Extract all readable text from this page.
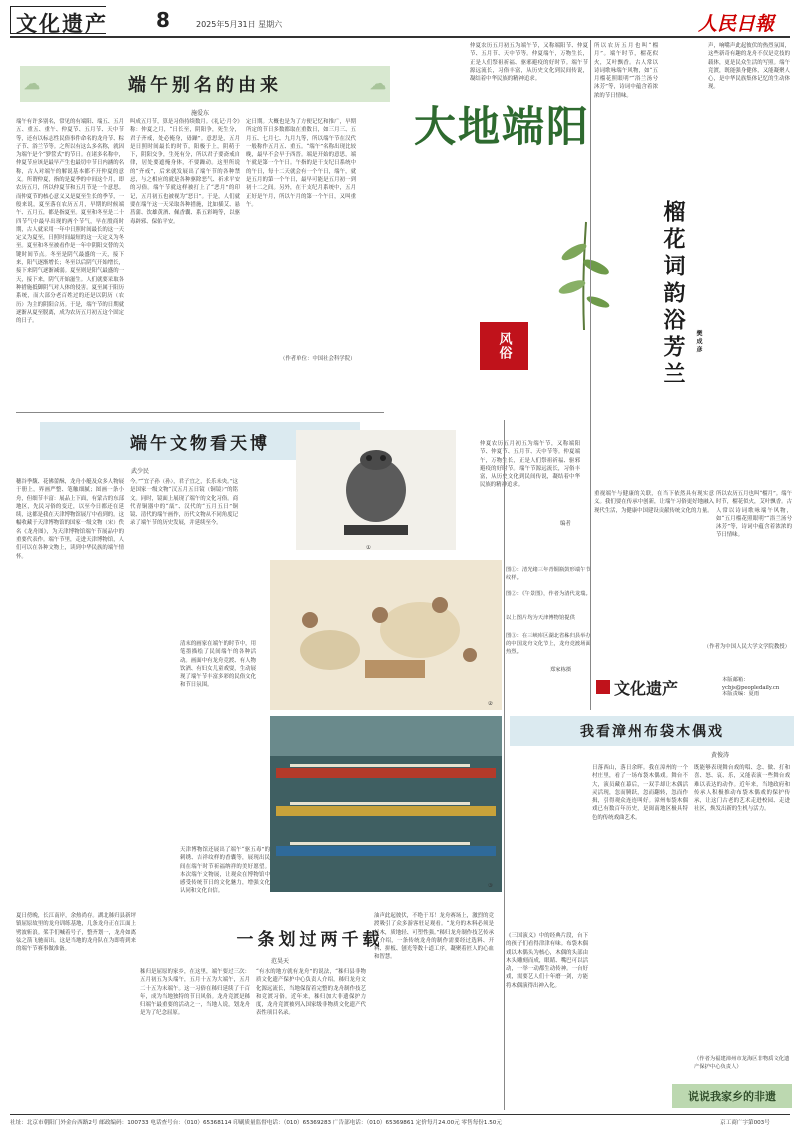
文化遗产 8	2025年5月31日 星期六	人民日報
☁	端午别名的由来	☁
施爱东
端午有许多别名，常见的有端阳、端五、五月五、重五、重午、仲夏节、五月节、天中节等，还有以标志性民俗事件命名的龙舟节、粽子节、浴兰节等。之所以有这么多名称，就因为端午是个“箩筐式”的节日。在诸多名称中，仲夏节应该是最早产生也最切中节日内涵的名称，古人对端午的解说基本都不开仲夏的意义。所谓仲夏，指的是夏季的中间这个月，即农历五月，所以仲夏节和五月节是一个意思。而仲夏节的核心意义又是夏至生长的季节，一般来说，夏至落在农历五月，早期的时候端午、五月五，都是指夏至。夏至和冬至是二十四节气中最早出现的两个节气，早在殷商时期，古人就采用一年中日照时间最长的这一天定义为夏至，日照时间最短的这一天定义为冬至。夏至和冬至被看作是一年中阴阳交替的关键时间节点。冬至是阴气最盛的一天，接下来，阳气逐渐增长；冬至以后阴气开始增长，接下来阴气逐渐减弱。夏至则是阳气最盛的一天，接下来，阴气开始滋生。人们就要采取各种措施抵御阴气对人体的侵害。夏至属于阳历系统，而大部分老百姓过的还是以阴历（农历）为主的阴阳合历。于是，端午节的日期就逐渐从夏至脱离，成为农历五月初五这个固定的日子。
叫成五月节，算是习俗持续数月。《礼记·月令》称：仲夏之月，“日长至，阴阳争，死生分，君子齐戒，处必掩身，毋躁”。意思是，五月是日照时间最长的时节，阳极于上，阴萌于下，阴阳交争，生死有分，所以君子要斋戒自律，居处要遮掩身体，不要躁动。这里所说的“齐戒”，后来就发展出了端午节的各种禁忌，与之相应的就是各种驱除恶气、祈求平安的习俗。端午节就这样被打上了“恶月”的印记，五月初五也被视为“恶日”。于是，人们就要在端午这一天采取各种措施，比如插艾、悬菖蒲、饮雄黄酒、佩香囊、系五彩绳等，以驱毒辟邪、保佑平安。
定日期。大概也是为了方便记忆和推广，早期所定的节日多数都取在重数日，如三月三、五月五、七月七、九月九等，所以端午节在汉代一般称作五月五、重五。“端午”名称出现比较晚，最早不会早于西晋。端是开始的意思，端午就是第一个午日。午指的是干支纪日系统中的午日，每十二天就会有一个午日，端午，就是五月的第一个午日，最早可能是五月初一到初十二之间。另外，在干支纪月系统中，五月正好是午月，所以午月的第一个午日，又叫重午。
（作者单位：中国社会科学院）
大地端阳
风俗	榴花词韵浴芳兰	樊成彦
声，响嘴声此起彼伏的热烈氛围，这些新奇有趣的龙舟不仅是竞技的载体，更是民众生活的写照。端午竞渡，既能强身健体，又能凝聚人心，是中华民族集体记忆的生动体现。
所以农历五月也叫“榴月”。端午时节，榴花似火，艾叶飘香。古人常以诗词歌咏端午风物，如“五月榴花照眼明”“浴兰汤兮沐芳”等，诗词中蕴含着浓浓的节日情味。
仲夏农历五月初五为端午节，又称端阳节、仲夏节、五月节、天中节等。仲夏端午，万物生长，正是人们祭祖祈福、驱邪避疫的好时节。端午节源远流长，习俗丰富，从历史文化到民间传说，凝结着中华民族的精神追求。
仲夏农历五月初五为端午节，又称端阳节、仲夏节、五月节、天中节等。仲夏端午，万物生长，正是人们祭祖祈福、驱邪避疫的好时节。端午节源远流长，习俗丰富，从历史文化到民间传说，凝结着中华民族的精神追求。
编者
重视端午与健康的关联，在当下依然具有现实意义。我们要在传承中创新，让端午习俗更好地融入现代生活，为健康中国建设贡献传统文化的力量。
所以农历五月也叫“榴月”。端午时节，榴花似火，艾叶飘香。古人常以诗词歌咏端午风物，如“五月榴花照眼明”“浴兰汤兮沐芳”等，诗词中蕴含着浓浓的节日情味。
（作者为中国人民大学文学院教授）
端午文物看天博
武少民
穗谷季馥、花佛蕾酥，龙舟小艇及众多人物展于册上，界画严整、笔触细腻；图画一条小舟，但细节丰富：展品上下面，有蒙古的东部地区，先民习俗的变迁，以至今日都还在延续，这都是我在天津博物馆展厅中看到的。这幅收藏于天津博物馆的国家一级文物（宋）佚名《龙舟图》，为天津博物馆端午节展品中的重要代表作。端午节里，走进天津博物馆，人们可以在各种文物上，读到中华民族的端午情怀。
今。”“宜子孙（孙），君子宜之，长乐未央。”这是国家一级文物“汉五月五日镜（铜镜）”的铭文。同时，镜面上展现了端午的文化习俗。商代青铜器中的“瓿”、汉代的“五月五日”铜镜、清代的端午画作，历代文物从不同角度记录了端午节的历史发展，并延续至今。
清末的画家在端午的时节中，用笔墨描绘了民间端午的各种活动。画面中有龙舟竞渡、有人物饮酒、有妇女儿童戏耍，生动展现了端午节丰富多彩的民俗文化和节日氛围。
天津博物馆还展出了端午“驱五毒”的刺绣、吉祥纹样的香囊等，展现出民间在端午时节祈福纳祥的美好愿望。本次端午文物展，让观众在博物馆中感受传统节日的文化魅力，增强文化认同和文化自信。
①
②
③
图①：清光绪三年青铜瓶鼓形端午节纹样。
图②：《午景图》，作者为清代龙瑞。
以上图片均为天津博物馆提供
图③：在三峡库区湖北省秭归县举办的中国龙舟文化节上，龙舟竞渡场面热烈。
郑家栋摄
文化遗产	本版邮箱：ycbjs@peopledaily.cn
本版责编：夏雨
我看漳州布袋木偶戏
黄俊涛
日落西山，落日余晖。我在漳州的一个村庄里，看了一场布袋木偶戏。舞台不大，演员藏在幕后，一双手却让木偶活灵活现，忽而腾跃，忽而翻转，忽而作揖，引得观众连连叫好。漳州布袋木偶戏已有数百年历史，是闽南地区极具特色的传统戏曲艺术。
《三国演义》中的经典片段，台下的孩子们看得津津有味。布袋木偶戏以木偶头为核心，木偶的头部由木头雕刻而成，眼睛、嘴巴可以活动，一举一动都生动传神。一台好戏，需要艺人们十年磨一剑，方能将木偶演得出神入化。
既能够表现舞台戏的唱、念、做、打和喜、怒、哀、乐，又能表演一些舞台戏难以表达的动作。近年来，当地政府和传承人积极推动布袋木偶戏的保护传承，让这门古老的艺术走进校园、走进社区，焕发出新的生机与活力。
（作者为福建漳州市龙海区非物质文化遗产保护中心负责人）
说说我家乡的非遗
夏日傍晚，长江南岸，余热尚存。湖北秭归县新坪镇屈原故里的龙舟训练基地，几条龙舟正在江面上劈波斩浪。桨手们喊着号子，整齐划一，龙舟如离弦之箭飞驰而出。这是当地的龙舟队在为即将到来的端午节赛事做准备。	一条划过两千载
范昊天
秭归是屈原的家乡，在这里，端午要过三次：五月初五为头端午，五月十五为大端午，五月二十五为末端午。这一习俗在秭归延续了千百年，成为当地独特的节日风俗。龙舟竞渡是秭归端午最重要的活动之一，当地人说，划龙舟是为了纪念屈原。
“有水的地方就有龙舟”的说法，“秭归县非物质文化遗产保护中心负责人介绍，秭归龙舟文化源远流长，当地保留着完整的龙舟制作技艺和竞渡习俗。近年来，秭归加大非遗保护力度，龙舟竞渡被列入国家级非物质文化遗产代表性项目名录。
油声此起彼伏，不绝于耳！龙舟赛场上，激烈的竞渡吸引了众多游客驻足观看。“龙舟的木料必须是杉木，质地轻、可塑性强。”秭归龙舟制作技艺传承人介绍，一条传统龙舟的制作需要经过选料、开料、拼板、刨光等数十道工序，凝聚着匠人的心血和智慧。
社址：北京市朝阳门外金台西路2号 邮政编码：100733 电话查号台：（010）65368114 印刷质量监督电话：（010）65369283 广告部电话：（010）65369861 定价每月24.00元 零售每份1.50元	京工商广字第003号
